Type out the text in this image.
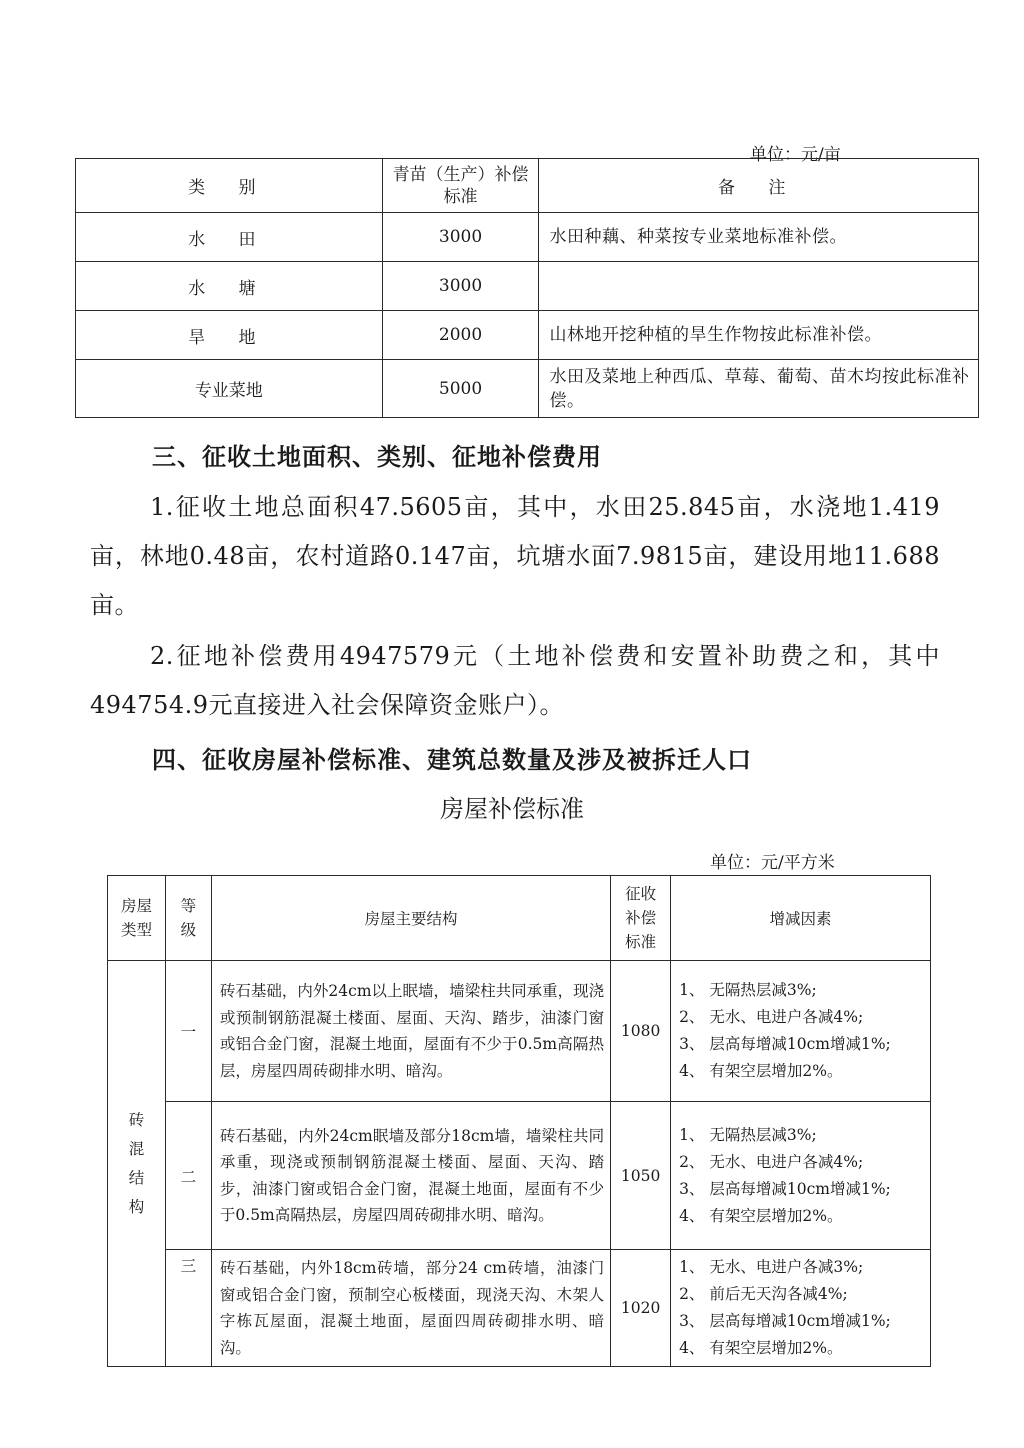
单位：元/亩
类 别	青苗（生产）补偿标准	备 注
水 田	3000	水田种藕、种菜按专业菜地标准补偿。
水 塘	3000	
旱 地	2000	山林地开挖种植的旱生作物按此标准补偿。
专业菜地	5000	水田及菜地上种西瓜、草莓、葡萄、苗木均按此标准补偿。
三、征收土地面积、类别、征地补偿费用
1.征收土地总面积47.5605亩，其中，水田25.845亩，水浇地1.419亩，林地0.48亩，农村道路0.147亩，坑塘水面7.9815亩，建设用地11.688亩。
2.征地补偿费用4947579元（土地补偿费和安置补助费之和，其中494754.9元直接进入社会保障资金账户）。
四、征收房屋补偿标准、建筑总数量及涉及被拆迁人口
房屋补偿标准
单位：元/平方米
房屋类型	等级	房屋主要结构	征收补偿标准	增减因素

砖混结构	一	砖石基础，内外24cm以上眠墙，墙梁柱共同承重，现浇或预制钢筋混凝土楼面、屋面、天沟、踏步，油漆门窗或铝合金门窗，混凝土地面，屋面有不少于0.5m高隔热层，房屋四周砖砌排水明、暗沟。	1080	1、 无隔热层减3%;
2、 无水、电进户各减4%;
3、 层高每增减10cm增减1%;
4、 有架空层增加2%。

	二	砖石基础，内外24cm眠墙及部分18cm墙，墙梁柱共同承重，现浇或预制钢筋混凝土楼面、屋面、天沟、踏步，油漆门窗或铝合金门窗，混凝土地面，屋面有不少于0.5m高隔热层，房屋四周砖砌排水明、暗沟。	1050	1、 无隔热层减3%;
2、 无水、电进户各减4%;
3、 层高每增减10cm增减1%;
4、 有架空层增加2%。

	三	砖石基础，内外18cm砖墙，部分24 cm砖墙，油漆门窗或铝合金门窗，预制空心板楼面，现浇天沟、木架人字栋瓦屋面，混凝土地面，屋面四周砖砌排水明、暗沟。	1020	1、 无水、电进户各减3%;
2、 前后无天沟各减4%;
3、 层高每增减10cm增减1%;
4、 有架空层增加2%。
